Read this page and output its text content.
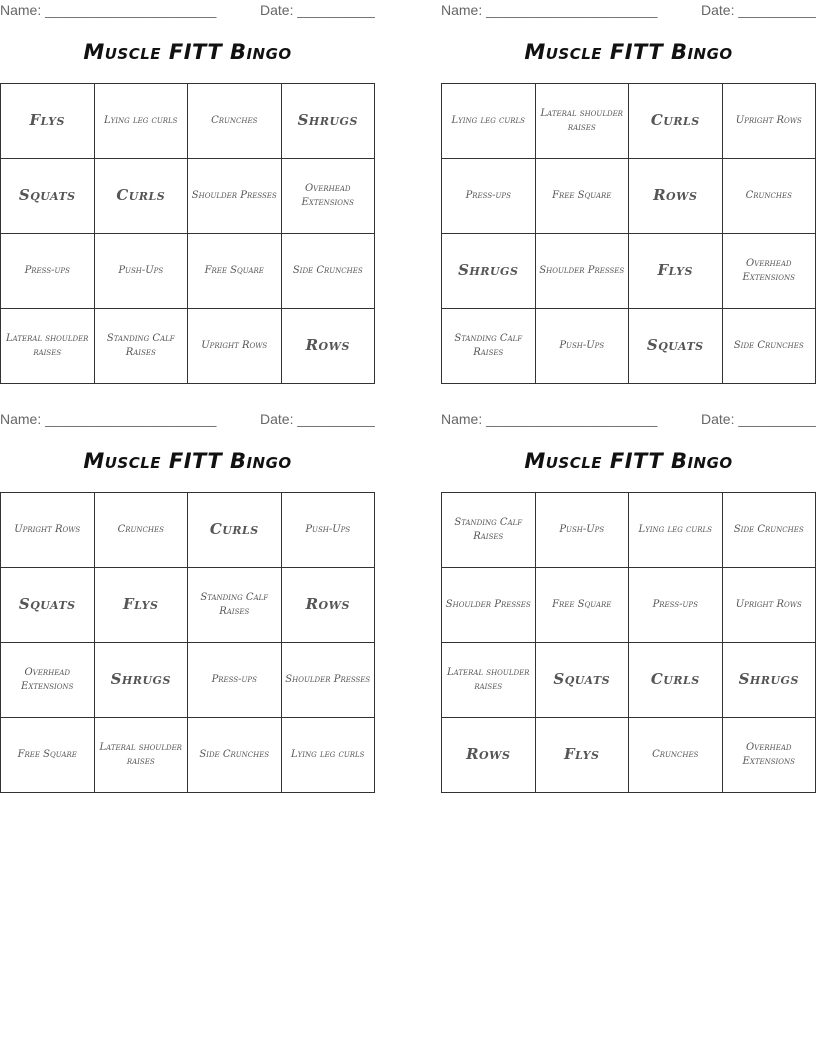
Name: ______________________	Date: __________
Muscle FITT Bingo
Flys	Lying leg curls	Crunches	Shrugs
Squats	Curls	Shoulder Presses	Overhead Extensions
Press-ups	Push-Ups	Free Square	Side Crunches
Lateral shoulder raises	Standing Calf Raises	Upright Rows	Rows
Name: ______________________	Date: __________
Muscle FITT Bingo
Lying leg curls	Lateral shoulder raises	Curls	Upright Rows
Press-ups	Free Square	Rows	Crunches
Shrugs	Shoulder Presses	Flys	Overhead Extensions
Standing Calf Raises	Push-Ups	Squats	Side Crunches
Name: ______________________	Date: __________
Muscle FITT Bingo
Upright Rows	Crunches	Curls	Push-Ups
Squats	Flys	Standing Calf Raises	Rows
Overhead Extensions	Shrugs	Press-ups	Shoulder Presses
Free Square	Lateral shoulder raises	Side Crunches	Lying leg curls
Name: ______________________	Date: __________
Muscle FITT Bingo
Standing Calf Raises	Push-Ups	Lying leg curls	Side Crunches
Shoulder Presses	Free Square	Press-ups	Upright Rows
Lateral shoulder raises	Squats	Curls	Shrugs
Rows	Flys	Crunches	Overhead Extensions
